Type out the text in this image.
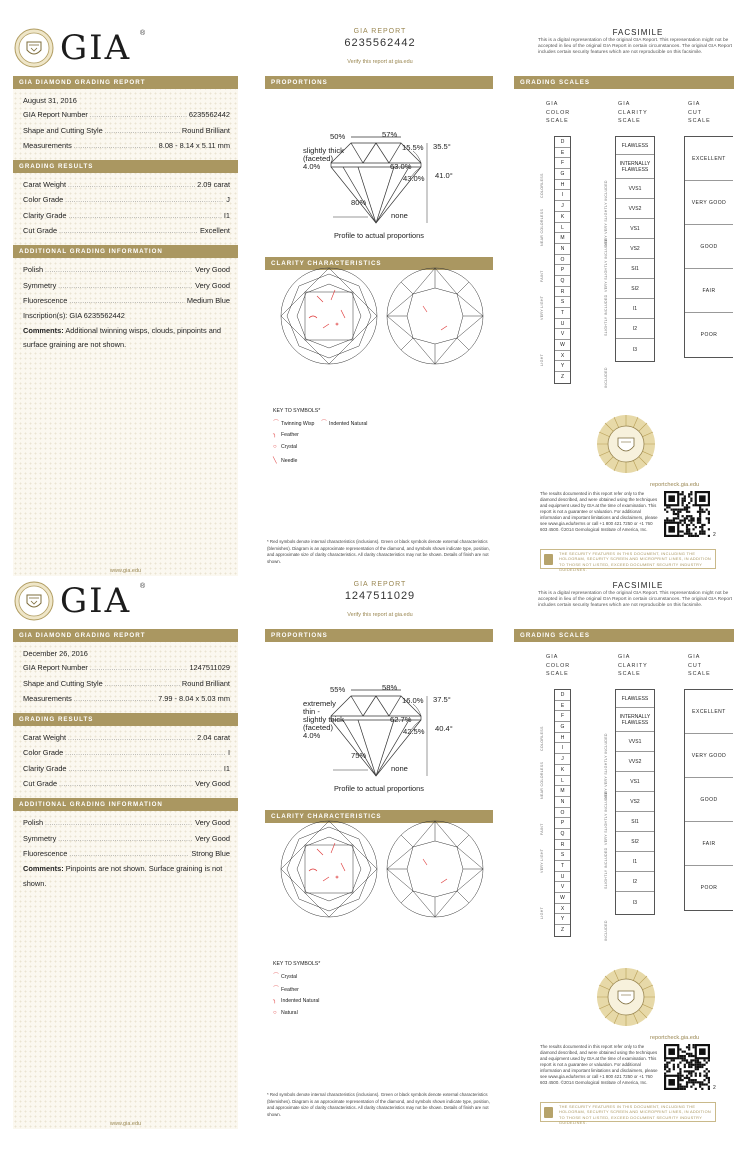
GIA ®	GIA REPORT
6235562442
Verify this report at gia.edu
FACSIMILE
This is a digital representation of the original GIA Report. This representation might not be accepted in lieu of the original GIA Report in certain circumstances. The original GIA Report includes certain security features which are not reproducible on this facsimile.
GIA DIAMOND GRADING REPORT
August 31, 2016
GIA Report Number .....	6235562442
Shape and Cutting Style .....	Round Brilliant
Measurements .....	8.08 - 8.14 x 5.11 mm
GRADING RESULTS
Carat Weight .....	2.09 carat
Color Grade .....	J
Clarity Grade .....	I1
Cut Grade .....	Excellent
ADDITIONAL GRADING INFORMATION
Polish .....	Very Good
Symmetry .....	Very Good
Fluorescence .....	Medium Blue
Inscription(s): GIA 6235562442
Comments: Additional twinning wisps, clouds, pinpoints and surface graining are not shown.
www.gia.edu
PROPORTIONS
57%
50%
15.5% 35.5°
slightly thick (faceted)
4.0%	63.0%
43.0% 41.0°
80%
none
Profile to actual proportions
CLARITY CHARACTERISTICS
KEY TO SYMBOLS*
⌒ Twinning Wisp ⌒ Indented Natural
╮ Feather
○ Crystal
╲ Needle
* Red symbols denote internal characteristics (inclusions). Green or black symbols denote external characteristics (blemishes). Diagram is an approximate representation of the diamond, and symbols shown indicate type, position, and approximate size of clarity characteristics. All clarity characteristics may not be shown. Details of finish are not shown.
GRADING SCALES
GIA
COLOR
SCALE
GIA
CLARITY
SCALE
GIA
CUT
SCALE
D
E
F
G
H
I
J
K
L
M
N
O
P
Q
R
S
T
U
V
W
X
Y
Z
FLAWLESS
INTERNALLY FLAWLESS
VVS1
VVS2
VS1
VS2
SI1
SI2
I1
I2
I3
EXCELLENT
VERY GOOD
GOOD
FAIR
POOR
COLORLESS
NEAR COLORLESS
FAINT
VERY LIGHT
LIGHT
VERY VERY SLIGHTLY INCLUDED
VERY SLIGHTLY INCLUDED
SLIGHTLY INCLUDED
INCLUDED
reportcheck.gia.edu
The results documented in this report refer only to the diamond described, and were obtained using the techniques and equipment used by GIA at the time of examination. This report is not a guarantee or valuation. For additional information and important limitations and disclaimers, please see www.gia.edu/terms or call +1 800 421 7250 or +1 760 603 4500. ©2014 Gemological Institute of America, Inc.
2
THE SECURITY FEATURES IN THIS DOCUMENT, INCLUDING THE HOLOGRAM, SECURITY SCREEN AND MICROPRINT LINES, IN ADDITION TO THOSE NOT LISTED, EXCEED DOCUMENT SECURITY INDUSTRY GUIDELINES.
GIA ®	GIA REPORT
1247511029
Verify this report at gia.edu
FACSIMILE
This is a digital representation of the original GIA Report. This representation might not be accepted in lieu of the original GIA Report in certain circumstances. The original GIA Report includes certain security features which are not reproducible on this facsimile.
GIA DIAMOND GRADING REPORT
December 26, 2016
GIA Report Number .....	1247511029
Shape and Cutting Style .....	Round Brilliant
Measurements .....	7.99 - 8.04 x 5.03 mm
GRADING RESULTS
Carat Weight .....	2.04 carat
Color Grade .....	I
Clarity Grade .....	I1
Cut Grade .....	Very Good
ADDITIONAL GRADING INFORMATION
Polish .....	Very Good
Symmetry .....	Very Good
Fluorescence .....	Strong Blue
Comments: Pinpoints are not shown. Surface graining is not shown.
www.gia.edu
PROPORTIONS
58%
55%
16.0% 37.5°
extremely thin - slightly thick (faceted)
4.0%
62.7%
42.5% 40.4°
75%
none
Profile to actual proportions
CLARITY CHARACTERISTICS
KEY TO SYMBOLS*
⌒ Crystal
⌒ Feather
╮ Indented Natural
○ Natural
* Red symbols denote internal characteristics (inclusions). Green or black symbols denote external characteristics (blemishes). Diagram is an approximate representation of the diamond, and symbols shown indicate type, position, and approximate size of clarity characteristics. All clarity characteristics may not be shown. Details of finish are not shown.
GRADING SCALES
GIA
COLOR
SCALE
GIA
CLARITY
SCALE
GIA
CUT
SCALE
D
E
F
G
H
I
J
K
L
M
N
O
P
Q
R
S
T
U
V
W
X
Y
Z
FLAWLESS
INTERNALLY FLAWLESS
VVS1
VVS2
VS1
VS2
SI1
SI2
I1
I2
I3
EXCELLENT
VERY GOOD
GOOD
FAIR
POOR
COLORLESS
NEAR COLORLESS
FAINT
VERY LIGHT
LIGHT
VERY VERY SLIGHTLY INCLUDED
VERY SLIGHTLY INCLUDED
SLIGHTLY INCLUDED
INCLUDED
reportcheck.gia.edu
The results documented in this report refer only to the diamond described, and were obtained using the techniques and equipment used by GIA at the time of examination. This report is not a guarantee or valuation. For additional information and important limitations and disclaimers, please see www.gia.edu/terms or call +1 800 421 7250 or +1 760 603 4500. ©2014 Gemological Institute of America, Inc.
2
THE SECURITY FEATURES IN THIS DOCUMENT, INCLUDING THE HOLOGRAM, SECURITY SCREEN AND MICROPRINT LINES, IN ADDITION TO THOSE NOT LISTED, EXCEED DOCUMENT SECURITY INDUSTRY GUIDELINES.
